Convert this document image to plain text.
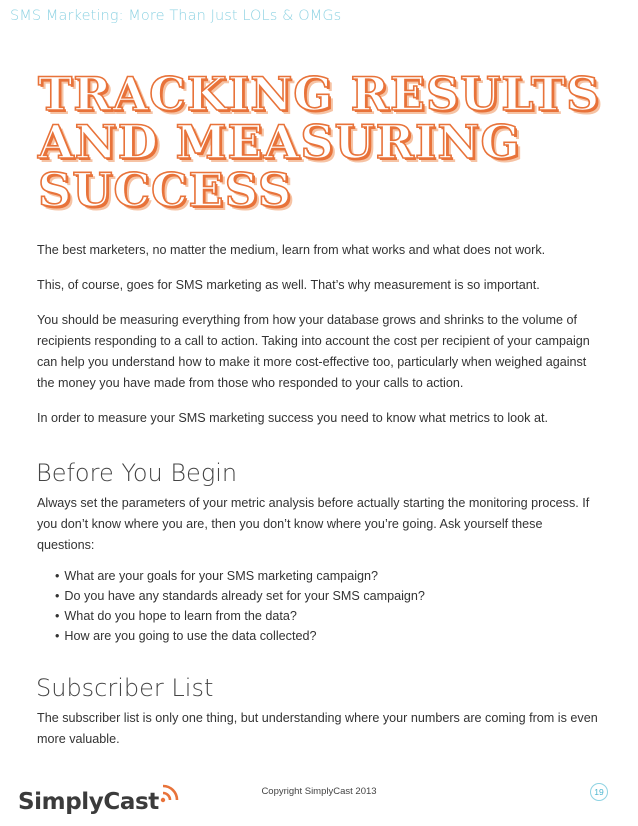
SMS Marketing: More Than Just LOLs & OMGs
TRACKING RESULTS
AND MEASURING
SUCCESS

The best marketers, no matter the medium, learn from what works and what does not work.

This, of course, goes for SMS marketing as well. That’s why measurement is so important.

You should be measuring everything from how your database grows and shrinks to the volume of recipients responding to a call to action. Taking into account the cost per recipient of your campaign can help you understand how to make it more cost-effective too, particularly when weighed against the money you have made from those who responded to your calls to action.

In order to measure your SMS marketing success you need to know what metrics to look at.

Before You Begin

Always set the parameters of your metric analysis before actually starting the monitoring process. If you don’t know where you are, then you don’t know where you’re going. Ask yourself these questions:

• What are your goals for your SMS marketing campaign?
• Do you have any standards already set for your SMS campaign?
• What do you hope to learn from the data?
• How are you going to use the data collected?
Subscriber List

The subscriber list is only one thing, but understanding where your numbers are coming from is even more valuable.

SimplyCast	Copyright SimplyCast 2013	19
